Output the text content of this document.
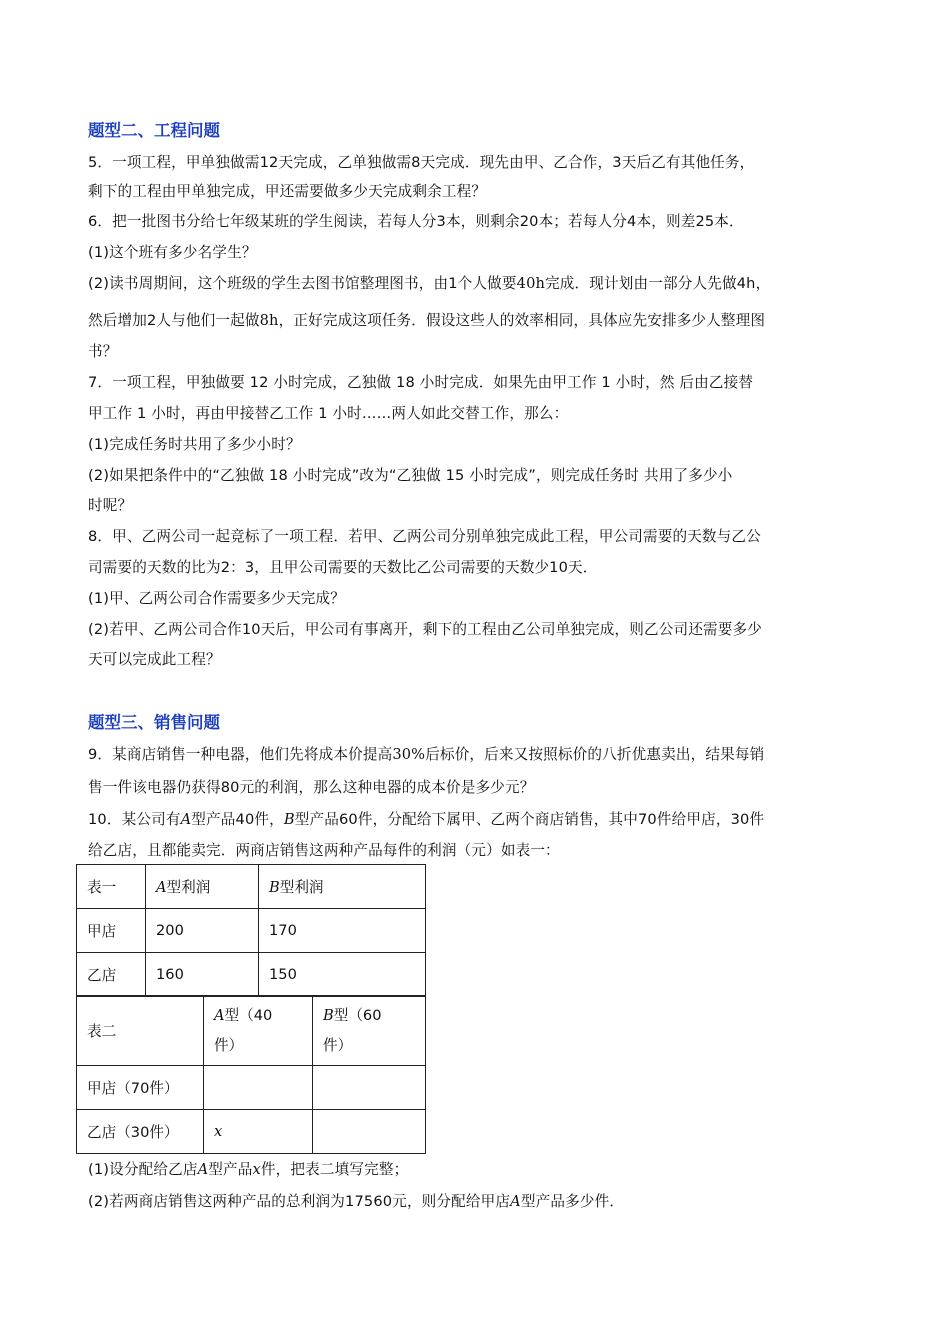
题型二、工程问题
5．一项工程，甲单独做需12天完成，乙单独做需8天完成．现先由甲、乙合作，3天后乙有其他任务，
剩下的工程由甲单独完成，甲还需要做多少天完成剩余工程？
6．把一批图书分给七年级某班的学生阅读，若每人分3本，则剩余20本；若每人分4本，则差25本．
(1)这个班有多少名学生？
(2)读书周期间，这个班级的学生去图书馆整理图书，由1个人做要40h完成．现计划由一部分人先做4h，
然后增加2人与他们一起做8h，正好完成这项任务．假设这些人的效率相同，具体应先安排多少人整理图
书？
7．一项工程，甲独做要 12 小时完成，乙独做 18 小时完成．如果先由甲工作 1 小时，然 后由乙接替
甲工作 1 小时，再由甲接替乙工作 1 小时……两人如此交替工作，那么：
(1)完成任务时共用了多少小时？
(2)如果把条件中的“乙独做 18 小时完成”改为“乙独做 15 小时完成”，则完成任务时 共用了多少小
时呢？
8．甲、乙两公司一起竞标了一项工程．若甲、乙两公司分别单独完成此工程，甲公司需要的天数与乙公
司需要的天数的比为2：3，且甲公司需要的天数比乙公司需要的天数少10天．
(1)甲、乙两公司合作需要多少天完成？
(2)若甲、乙两公司合作10天后，甲公司有事离开，剩下的工程由乙公司单独完成，则乙公司还需要多少
天可以完成此工程？
题型三、销售问题
9．某商店销售一种电器，他们先将成本价提高30%后标价，后来又按照标价的八折优惠卖出，结果每销
售一件该电器仍获得80元的利润，那么这种电器的成本价是多少元？
10．某公司有A型产品40件，B型产品60件，分配给下属甲、乙两个商店销售，其中70件给甲店，30件
给乙店，且都能卖完．两商店销售这两种产品每件的利润（元）如表一：
表一	A型利润	B型利润
甲店	200	170
乙店	160	150
表二	A型（40
件）	B型（60
件）
甲店（70件）		
乙店（30件）	x	
(1)设分配给乙店A型产品x件，把表二填写完整；
(2)若两商店销售这两种产品的总利润为17560元，则分配给甲店A型产品多少件．
